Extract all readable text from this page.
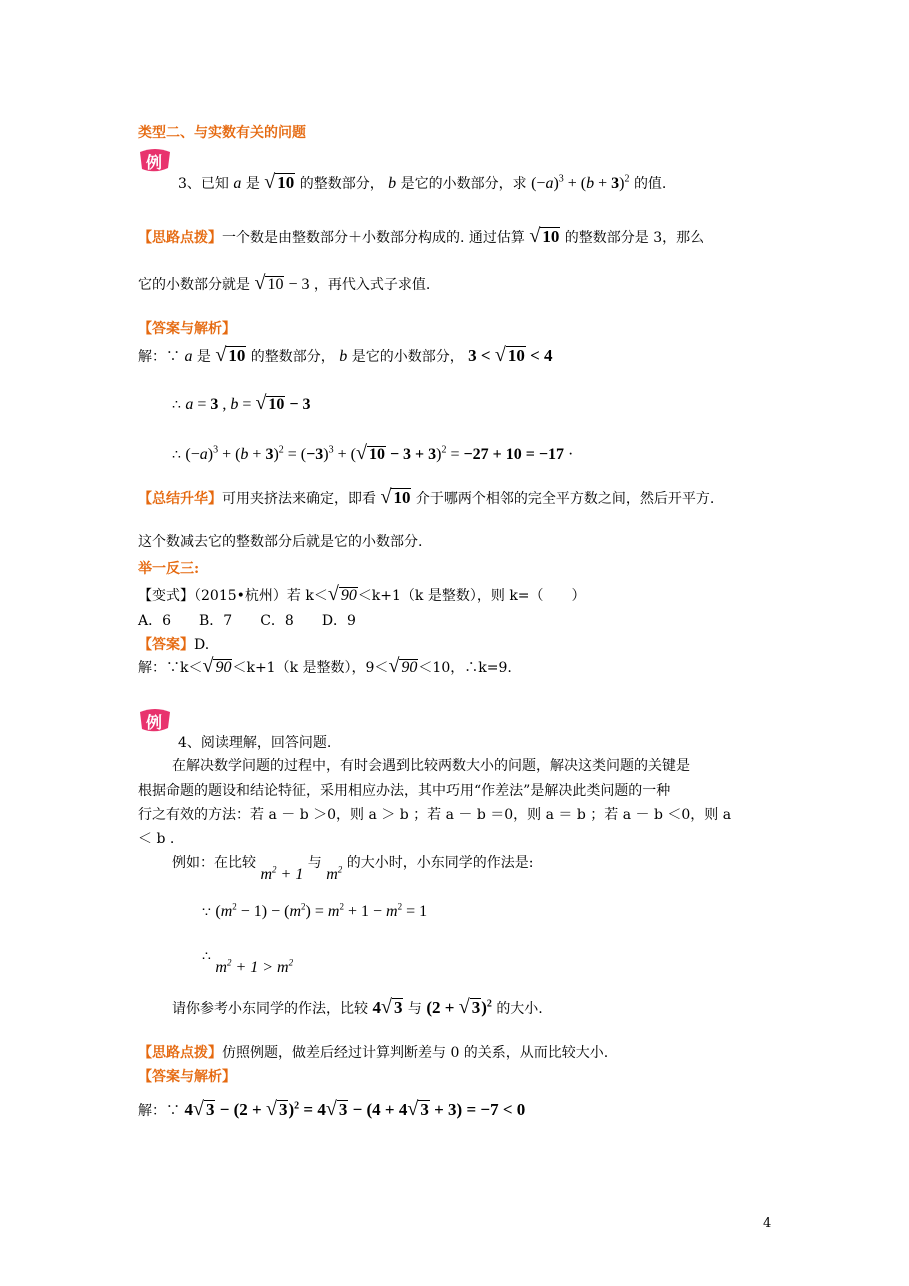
类型二、与实数有关的问题
例
3、已知 a 是 √ 10 的整数部分， b 是它的小数部分，求 $(-a)^3 + (b + 3)^2$ 的值.
【思路点拨】一个数是由整数部分＋小数部分构成的. 通过估算 √ 10 的整数部分是 3，那么
它的小数部分就是 √ 10 − 3 ，再代入式子求值.
【答案与解析】
解：∵ a 是 √ 10 的整数部分， b 是它的小数部分， 3 < √ 10 < 4
∴ a = 3 , b = √ 10 − 3
∴ $(-a)^3 + (b + 3)^2 = (-3)^3$ + (√ 10 − 3 + 3)$^2$ = −27 + 10 = −17 ·
【总结升华】可用夹挤法来确定，即看 √ 10 介于哪两个相邻的完全平方数之间，然后开平方.
这个数减去它的整数部分后就是它的小数部分.
举一反三:
【变式】（2015•杭州）若 k＜√ 90＜k+1（k 是整数），则 k=（　　）
A．6　　B．7　　C．8　　D．9
【答案】D.
解：∵k＜√ 90＜k+1（k 是整数），9＜√ 90＜10，∴k=9.
例
4、阅读理解，回答问题.
在解决数学问题的过程中，有时会遇到比较两数大小的问题，解决这类问题的关键是
根据命题的题设和结论特征，采用相应办法，其中巧用“作差法”是解决此类问题的一种
行之有效的方法：若 a － b ＞0，则 a ＞ b ；若 a － b ＝0，则 a ＝ b ；若 a － b ＜0，则 a
＜ b .
例如：在比较 $m^2 + 1$ 与 $m^2$ 的大小时，小东同学的作法是:
∵ $(m^2 - 1) - (m^2) = m^2 + 1 - m^2 = 1$
∴ $m^2 + 1 > m^2$
请你参考小东同学的作法，比较 4√ 3 与 (2 + √ 3)$^2$ 的大小.
【思路点拨】仿照例题，做差后经过计算判断差与 0 的关系，从而比较大小.
【答案与解析】
解：∵ 4√ 3 − (2 + √ 3)$^2$ = 4√ 3 − (4 + 4√ 3 + 3) = −7 < 0
4
